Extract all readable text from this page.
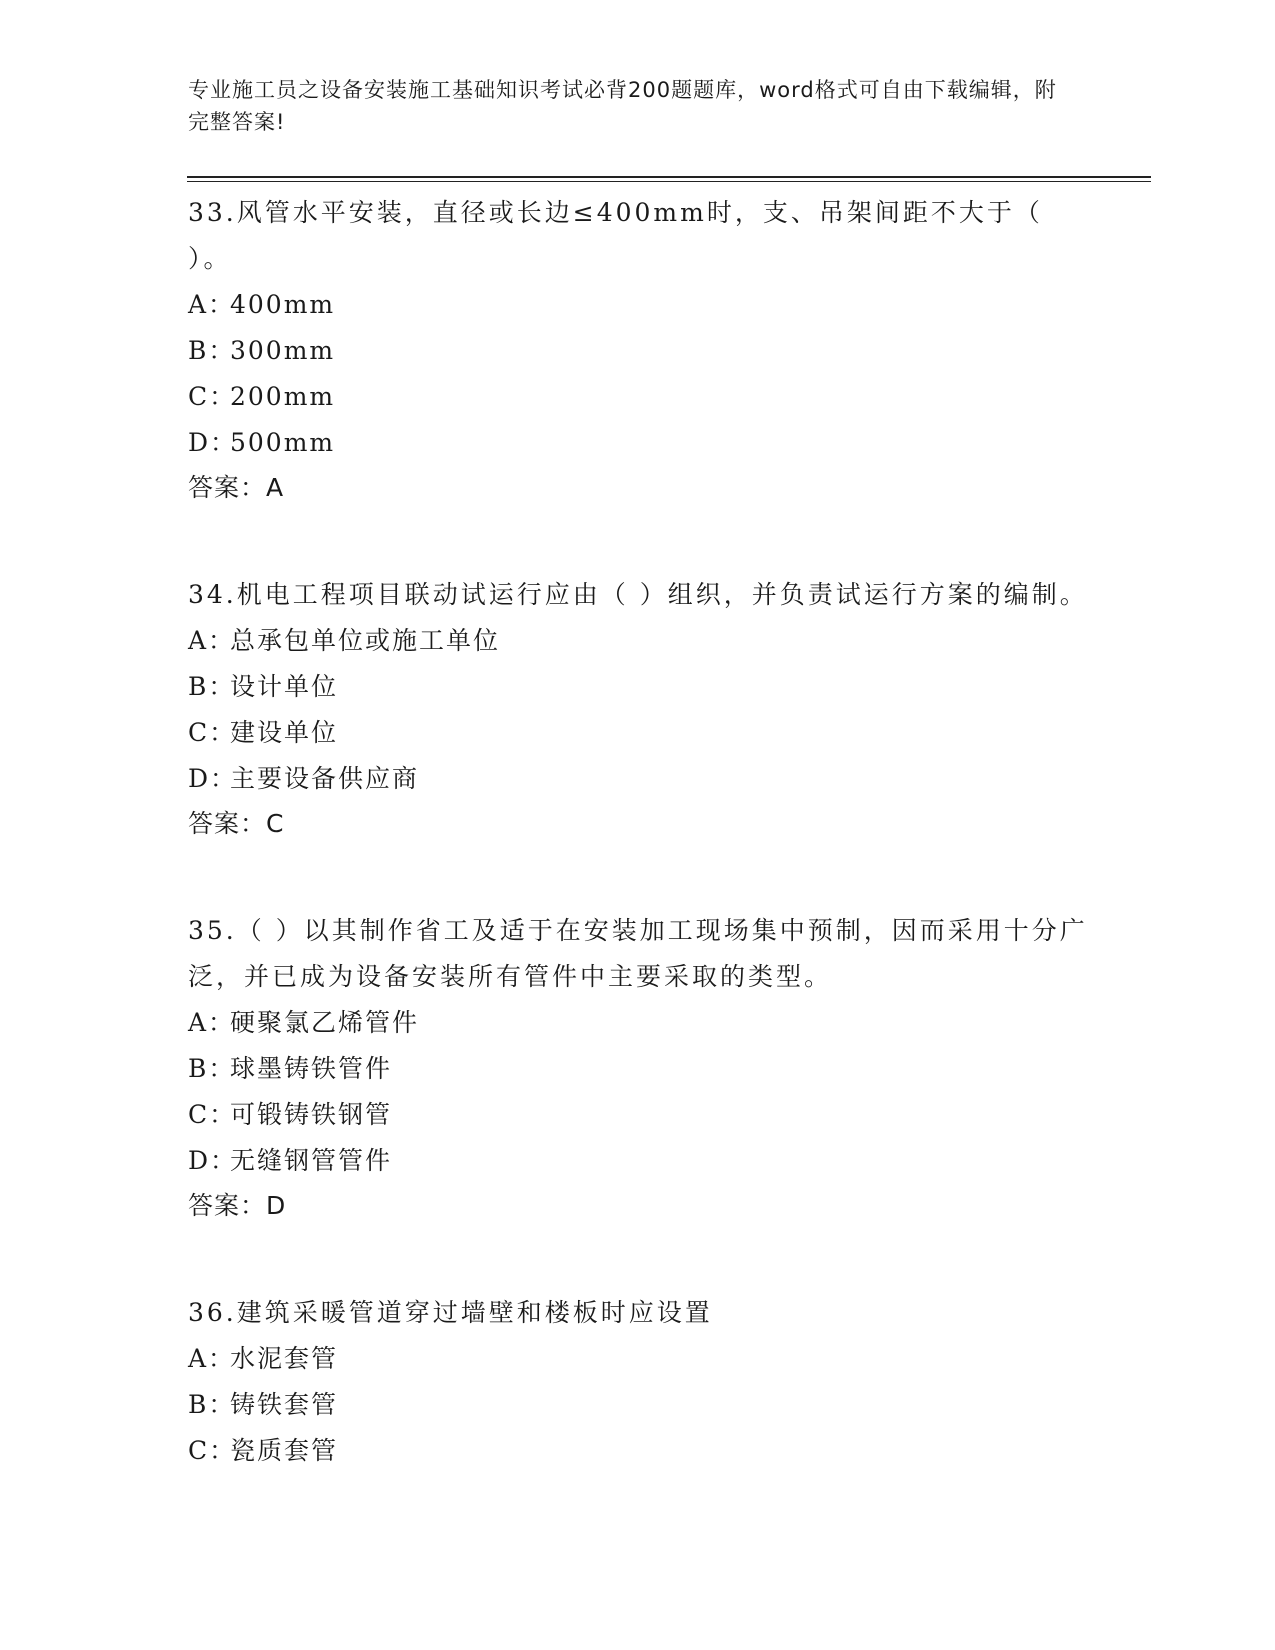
专业施工员之设备安装施工基础知识考试必背200题题库，word格式可自由下载编辑，附完整答案!

33.风管水平安装，直径或长边≤400mm时，支、吊架间距不大于（ ）。

A：400mm

B：300mm

C：200mm

D：500mm

答案：A

34.机电工程项目联动试运行应由（ ）组织，并负责试运行方案的编制。

A：总承包单位或施工单位

B：设计单位

C：建设单位

D：主要设备供应商

答案：C

35.（ ）以其制作省工及适于在安装加工现场集中预制，因而采用十分广泛，并已成为设备安装所有管件中主要采取的类型。

A：硬聚氯乙烯管件

B：球墨铸铁管件

C：可锻铸铁钢管

D：无缝钢管管件

答案：D

36.建筑采暖管道穿过墙壁和楼板时应设置

A：水泥套管

B：铸铁套管

C：瓷质套管
